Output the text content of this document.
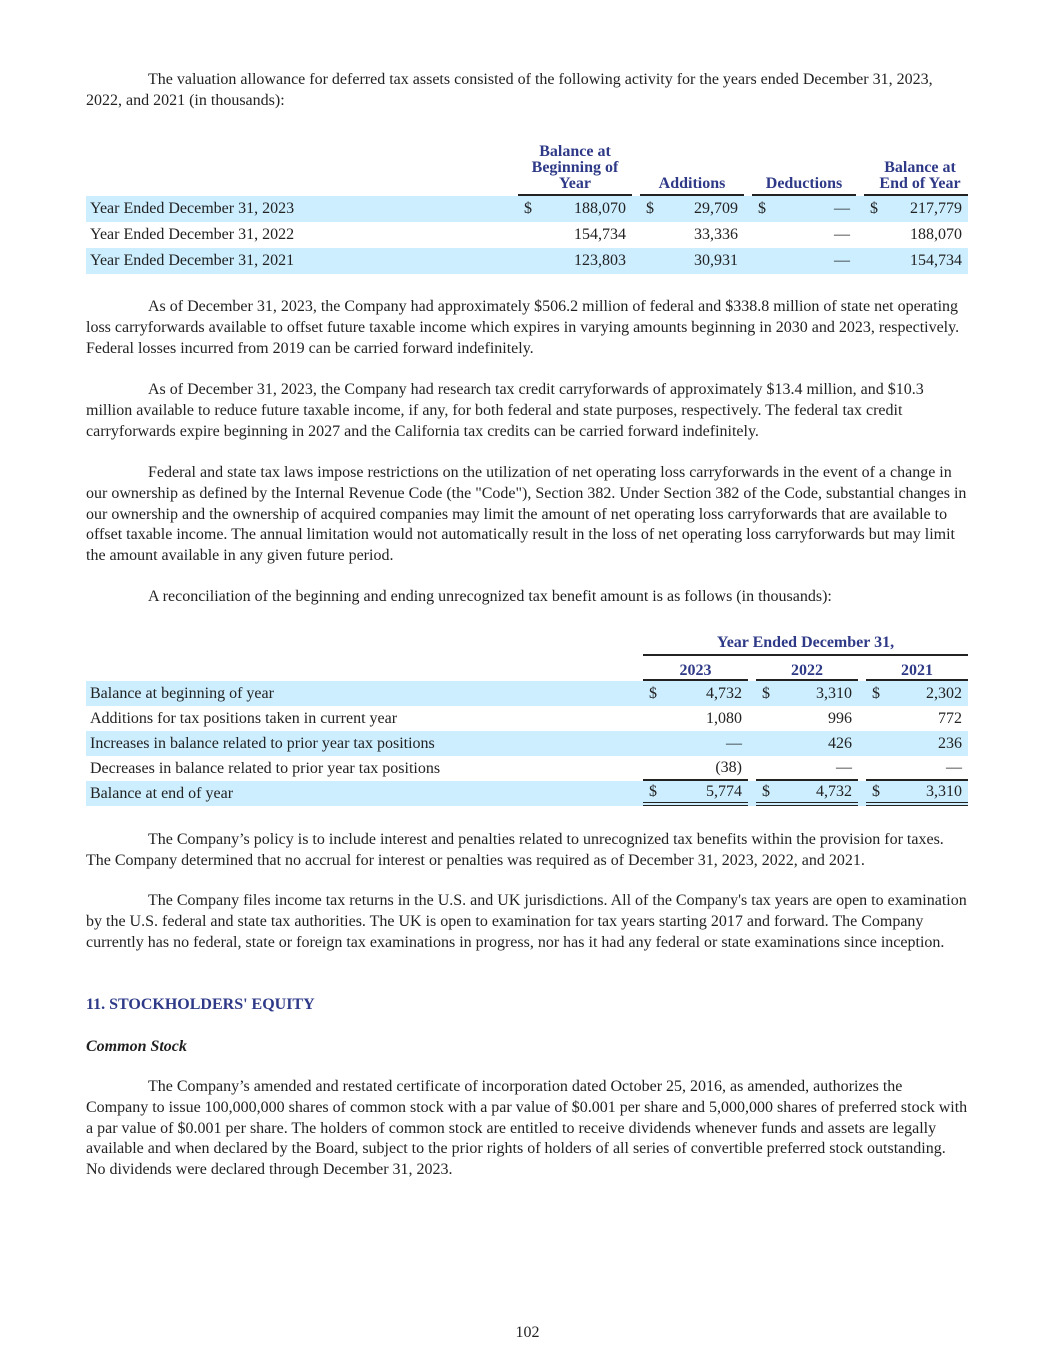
The valuation allowance for deferred tax assets consisted of the following activity for the years ended December 31, 2023, 2022, and 2021 (in thousands):

	Balance at Beginning of Year			Additions			Deductions			Balance at End of Year	
Year Ended December 31, 2023	$	188,070		$	29,709		$	—		$	217,779
Year Ended December 31, 2022		154,734			33,336			—			188,070
Year Ended December 31, 2021		123,803			30,931			—			154,734

As of December 31, 2023, the Company had approximately $506.2 million of federal and $338.8 million of state net operating loss carryforwards available to offset future taxable income which expires in varying amounts beginning in 2030 and 2023, respectively. Federal losses incurred from 2019 can be carried forward indefinitely.

As of December 31, 2023, the Company had research tax credit carryforwards of approximately $13.4 million, and $10.3 million available to reduce future taxable income, if any, for both federal and state purposes, respectively. The federal tax credit carryforwards expire beginning in 2027 and the California tax credits can be carried forward indefinitely.

Federal and state tax laws impose restrictions on the utilization of net operating loss carryforwards in the event of a change in our ownership as defined by the Internal Revenue Code (the "Code"), Section 382. Under Section 382 of the Code, substantial changes in our ownership and the ownership of acquired companies may limit the amount of net operating loss carryforwards that are available to offset taxable income. The annual limitation would not automatically result in the loss of net operating loss carryforwards but may limit the amount available in any given future period.

A reconciliation of the beginning and ending unrecognized tax benefit amount is as follows (in thousands):

	Year Ended December 31,							
	2023			2022			2021	
Balance at beginning of year	$	4,732		$	3,310		$	2,302
Additions for tax positions taken in current year		1,080			996			772
Increases in balance related to prior year tax positions		—			426			236
Decreases in balance related to prior year tax positions		(38)			—			—
Balance at end of year	$	5,774		$	4,732		$	3,310

The Company’s policy is to include interest and penalties related to unrecognized tax benefits within the provision for taxes. The Company determined that no accrual for interest or penalties was required as of December 31, 2023, 2022, and 2021.

The Company files income tax returns in the U.S. and UK jurisdictions. All of the Company's tax years are open to examination by the U.S. federal and state tax authorities. The UK is open to examination for tax years starting 2017 and forward. The Company currently has no federal, state or foreign tax examinations in progress, nor has it had any federal or state examinations since inception.

11. STOCKHOLDERS' EQUITY

Common Stock

The Company’s amended and restated certificate of incorporation dated October 25, 2016, as amended, authorizes the Company to issue 100,000,000 shares of common stock with a par value of $0.001 per share and 5,000,000 shares of preferred stock with a par value of $0.001 per share. The holders of common stock are entitled to receive dividends whenever funds and assets are legally available and when declared by the Board, subject to the prior rights of holders of all series of convertible preferred stock outstanding. No dividends were declared through December 31, 2023.

102
